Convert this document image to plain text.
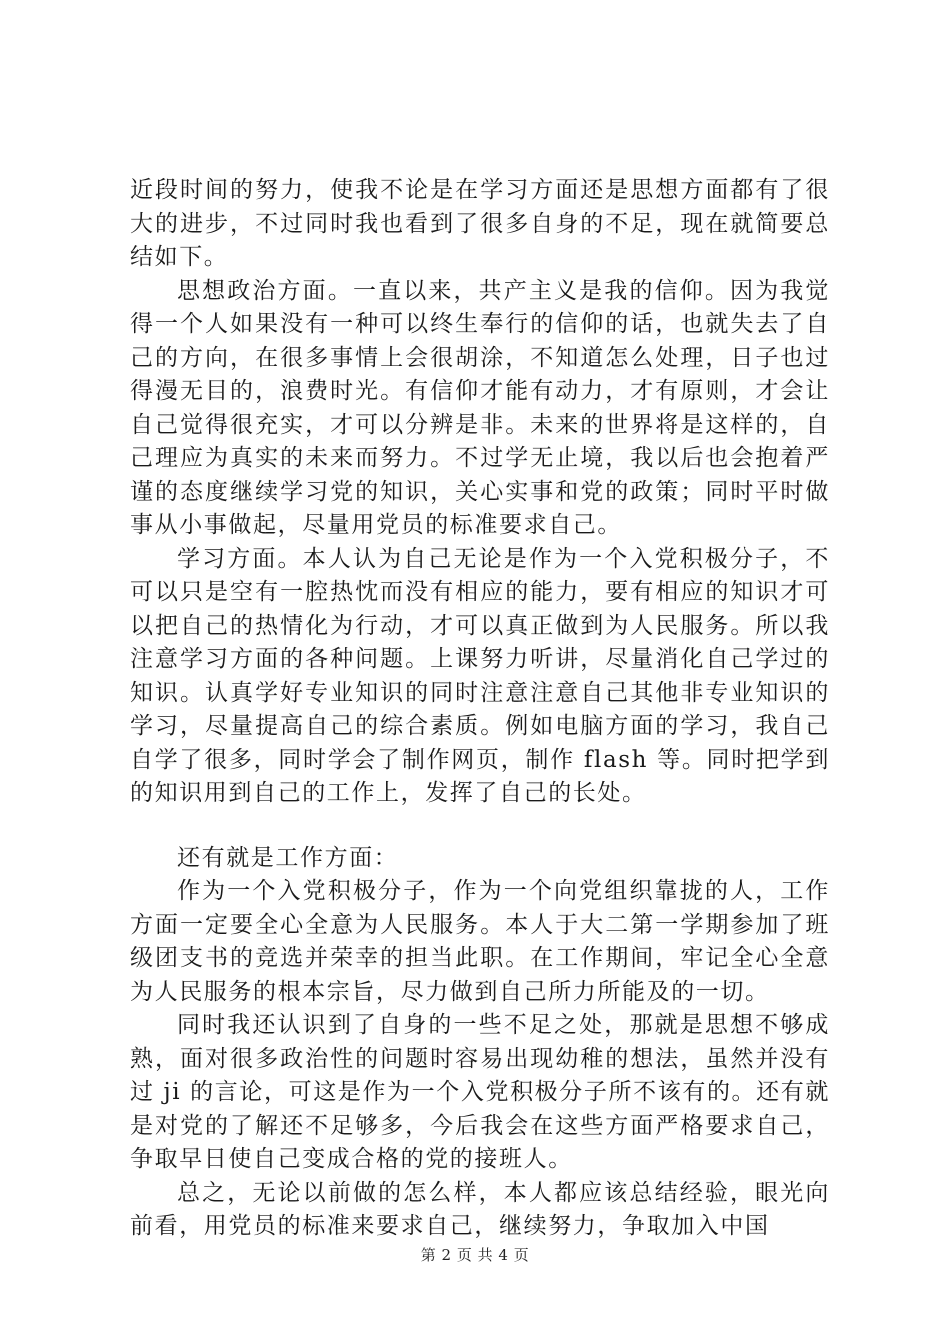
近段时间的努力，使我不论是在学习方面还是思想方面都有了很大的进步，不过同时我也看到了很多自身的不足，现在就简要总结如下。

思想政治方面。一直以来，共产主义是我的信仰。因为我觉得一个人如果没有一种可以终生奉行的信仰的话，也就失去了自己的方向，在很多事情上会很胡涂，不知道怎么处理，日子也过得漫无目的，浪费时光。有信仰才能有动力，才有原则，才会让自己觉得很充实，才可以分辨是非。未来的世界将是这样的，自己理应为真实的未来而努力。不过学无止境，我以后也会抱着严谨的态度继续学习党的知识，关心实事和党的政策；同时平时做事从小事做起，尽量用党员的标准要求自己。

学习方面。本人认为自己无论是作为一个入党积极分子，不可以只是空有一腔热忱而没有相应的能力，要有相应的知识才可以把自己的热情化为行动，才可以真正做到为人民服务。所以我注意学习方面的各种问题。上课努力听讲，尽量消化自己学过的知识。认真学好专业知识的同时注意注意自己其他非专业知识的学习，尽量提高自己的综合素质。例如电脑方面的学习，我自己自学了很多，同时学会了制作网页，制作 flash 等。同时把学到的知识用到自己的工作上，发挥了自己的长处。

还有就是工作方面：

作为一个入党积极分子，作为一个向党组织靠拢的人，工作方面一定要全心全意为人民服务。本人于大二第一学期参加了班级团支书的竞选并荣幸的担当此职。在工作期间，牢记全心全意为人民服务的根本宗旨，尽力做到自己所力所能及的一切。

同时我还认识到了自身的一些不足之处，那就是思想不够成熟，面对很多政治性的问题时容易出现幼稚的想法，虽然并没有过 ji 的言论，可这是作为一个入党积极分子所不该有的。还有就是对党的了解还不足够多，今后我会在这些方面严格要求自己，争取早日使自己变成合格的党的接班人。

总之，无论以前做的怎么样，本人都应该总结经验，眼光向前看，用党员的标准来要求自己，继续努力，争取加入中国

第 2 页 共 4 页
